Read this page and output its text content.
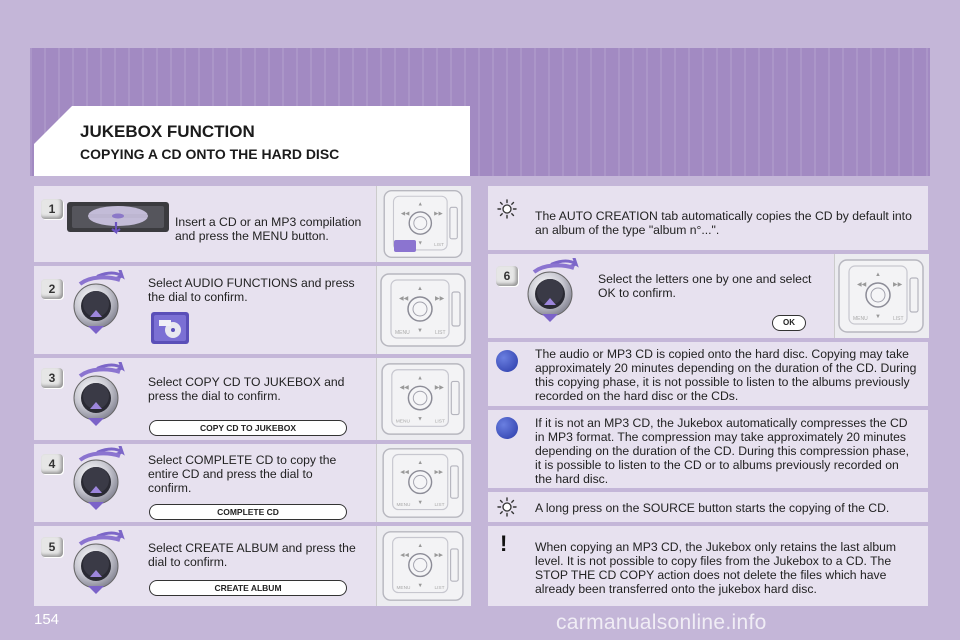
JUKEBOX FUNCTION
COPYING A CD ONTO THE HARD DISC
1
Insert a CD or an MP3 compilation and press the MENU button.
2	Select AUDIO FUNCTIONS and press the dial to confirm.
3	Select COPY CD TO JUKEBOX and press the dial to confirm.
COPY CD TO JUKEBOX
4	Select COMPLETE CD to copy the entire CD and press the dial to confirm.
COMPLETE CD
5	Select CREATE ALBUM and press the dial to confirm.
CREATE ALBUM
The AUTO CREATION tab automatically copies the CD by default into an album of the type "album n°...".
6	Select the letters one by one and select OK to confirm.
OK
The audio or MP3 CD is copied onto the hard disc. Copying may take approximately 20 minutes depending on the duration of the CD. During this copying phase, it is not possible to listen to the albums previously recorded on the hard disc or the CDs.
If it is not an MP3 CD, the Jukebox automatically compresses the CD in MP3 format. The compression may take approximately 20 minutes depending on the duration of the CD. During this compression phase, it is possible to listen to the CD or to albums previously recorded on the hard disc.
A long press on the SOURCE button starts the copying of the CD.
! When copying an MP3 CD, the Jukebox only retains the last album level. It is not possible to copy files from the Jukebox to a CD. The STOP THE CD COPY action does not delete the files which have already been transferred onto the jukebox hard disc.
154	carmanualsonline.info
